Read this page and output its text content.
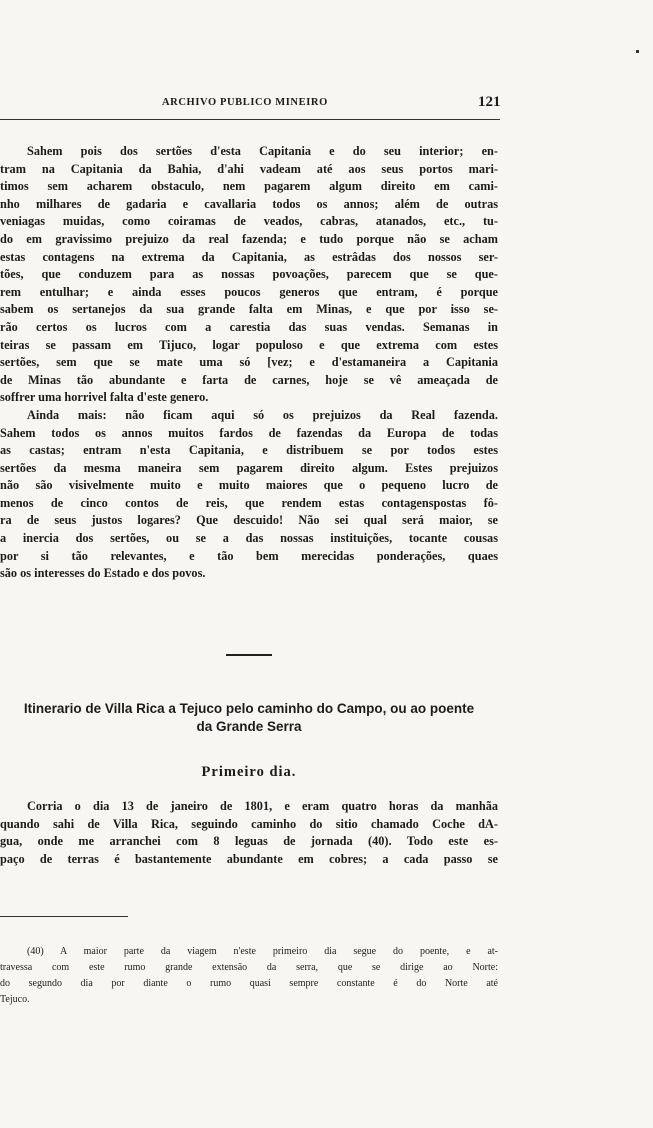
ARCHIVO PUBLICO MINEIRO	121
Sahem pois dos sertões d'esta Capitania e do seu interior; en-
tram na Capitania da Bahia, d'ahi vadeam até aos seus portos mari-
timos sem acharem obstaculo, nem pagarem algum direito em cami-
nho milhares de gadaria e cavallaria todos os annos; além de outras
veniagas muidas, como coiramas de veados, cabras, atanados, etc., tu-
do em gravissimo prejuizo da real fazenda; e tudo porque não se acham
estas contagens na extrema da Capitania, as estrâdas dos nossos ser-
tões, que conduzem para as nossas povoações, parecem que se que-
rem entulhar; e ainda esses poucos generos que entram, é porque
sabem os sertanejos da sua grande falta em Minas, e que por isso se-
rão certos os lucros com a carestia das suas vendas. Semanas in
teiras se passam em Tijuco, logar populoso e que extrema com estes
sertões, sem que se mate uma só [vez; e d'estamaneira a Capitania
de Minas tão abundante e farta de carnes, hoje se vê ameaçada de
soffrer uma horrivel falta d'este genero.
Ainda mais: não ficam aqui só os prejuizos da Real fazenda.
Sahem todos os annos muitos fardos de fazendas da Europa de todas
as castas; entram n'esta Capitania, e distribuem se por todos estes
sertões da mesma maneira sem pagarem direito algum. Estes prejuizos
não são visivelmente muito e muito maiores que o pequeno lucro de
menos de cinco contos de reis, que rendem estas contagenspostas fô-
ra de seus justos logares? Que descuido! Não sei qual será maior, se
a inercia dos sertões, ou se a das nossas instituições, tocante cousas
por si tão relevantes, e tão bem merecidas ponderações, quaes
são os interesses do Estado e dos povos.
Itinerario de Villa Rica a Tejuco pelo caminho do Campo, ou ao poente
da Grande Serra
Primeiro dia.
Corria o dia 13 de janeiro de 1801, e eram quatro horas da manhãa
quando sahi de Villa Rica, seguindo caminho do sitio chamado Coche dA-
gua, onde me arranchei com 8 leguas de jornada (40). Todo este es-
paço de terras é bastantemente abundante em cobres; a cada passo se
(40) A maior parte da viagem n'este primeiro dia segue do poente, e at-
travessa com este rumo grande extensão da serra, que se dirige ao Norte:
do segundo dia por diante o rumo quasi sempre constante é do Norte até
Tejuco.
